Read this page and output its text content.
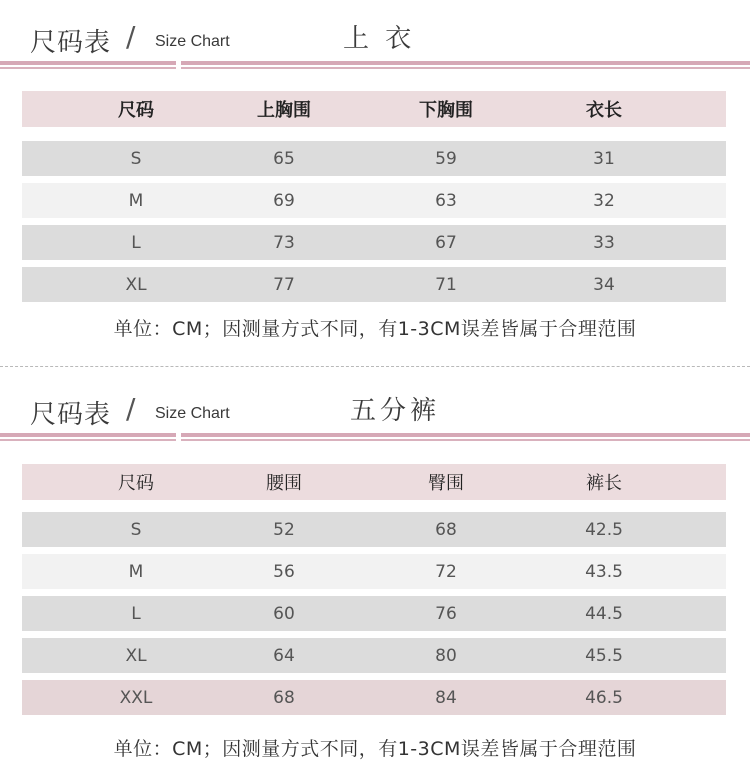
尺码表 / Size Chart	上 衣
尺码	上胸围	下胸围	衣长
S	65	59	31
M	69	63	32
L	73	67	33
XL	77	71	34
单位：CM；因测量方式不同，有1-3CM误差皆属于合理范围
尺码表 / Size Chart	五分裤
尺码	腰围	臀围	裤长
S	52	68	42.5
M	56	72	43.5
L	60	76	44.5
XL	64	80	45.5
XXL	68	84	46.5
单位：CM；因测量方式不同，有1-3CM误差皆属于合理范围
